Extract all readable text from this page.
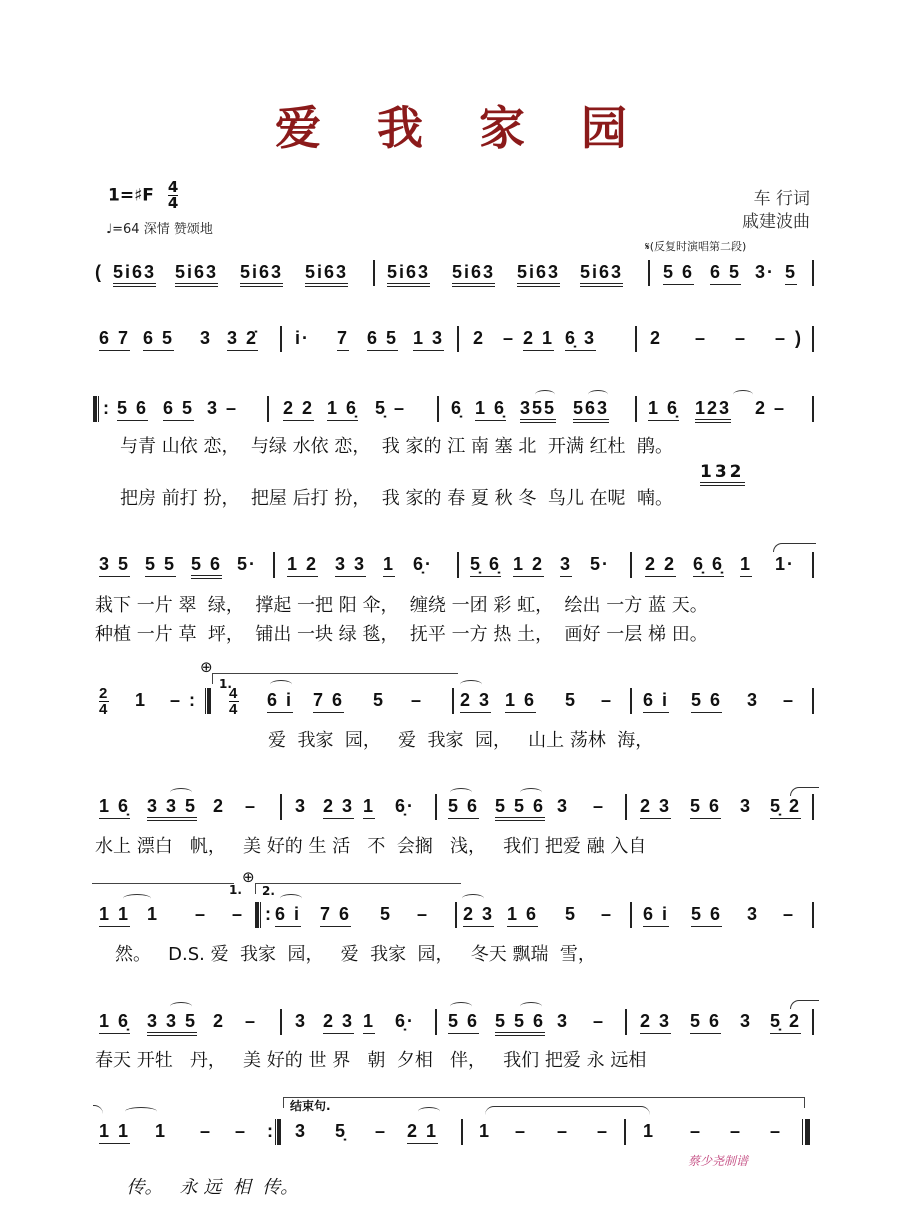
爱 我 家 园
1=♯F $\frac{4}{4}$
♩=64 深情 赞颂地
车 行词
戚建波曲
𝄋(反复时演唱第二段)
( 5i63 5i63 5i63 5i63 5i63 5i63 5i63 5i63 5 6 6 5 3· 5
6 7 6 5 3 3 2̇ i· 7 6 5 1 3 2 – 2 1 6̣ 3	2 – – – )
: 5 6 6 5 3 – 2 2 1 6̣ 5̣ – 6̣ 1 6̣ 355 563 1 6̣ 123 2 –
与青 山依 恋，  与绿 水依 恋，  我 家的 江 南 塞 北  开满 红杜  鹃。
132
把房 前打 扮，  把屋 后打 扮，  我 家的 春 夏 秋 冬  鸟儿 在呢  喃。
3 5 5 5 5 6 5· 1 2 3 3 1 6̣· 5̣ 6̣ 1 2 3 5· 2 2 6̣ 6̣ 1 1·
栽下 一片 翠  绿，  撑起 一把 阳 伞，  缠绕 一团 彩 虹，  绘出 一方 蓝 天。
种植 一片 草  坪，  铺出 一块 绿 毯，  抚平 一方 热 土，  画好 一层 梯 田。
⊕
1.
2
4 1 – : 4
4 6 i 7 6 5 – 2 3 1 6 5 – 6 i 5 6 3 –
爱  我家  园，   爱  我家  园，   山上 荡林  海，
1 6̣ 3 3 5 2 – 3 2 3 1 6̣· 5 6 5 5 6 3 – 2 3 5 6 3 5̣ 2
水上 漂白   帆，   美 好的 生 活   不  会搁   浅，   我们 把爱 融 入自
⊕
1. 2.
1 1 1 – – : 6 i 7 6 5 – 2 3 1 6 5 – 6 i 5 6 3 –
然。   D.S. 爱  我家  园，   爱  我家  园，   冬天 飘瑞  雪，
1 6̣ 3 3 5 2 – 3 2 3 1 6̣· 5 6 5 5 6 3 – 2 3 5 6 3 5̣ 2
春天 开牡   丹，   美 好的 世 界   朝  夕相   伴，   我们 把爱 永 远相
结束句.
1 1 1 – – : 3 5̣ – 2 1 1 – – – 1 – – –

传。   永 远  相  传。

蔡少尧制谱
